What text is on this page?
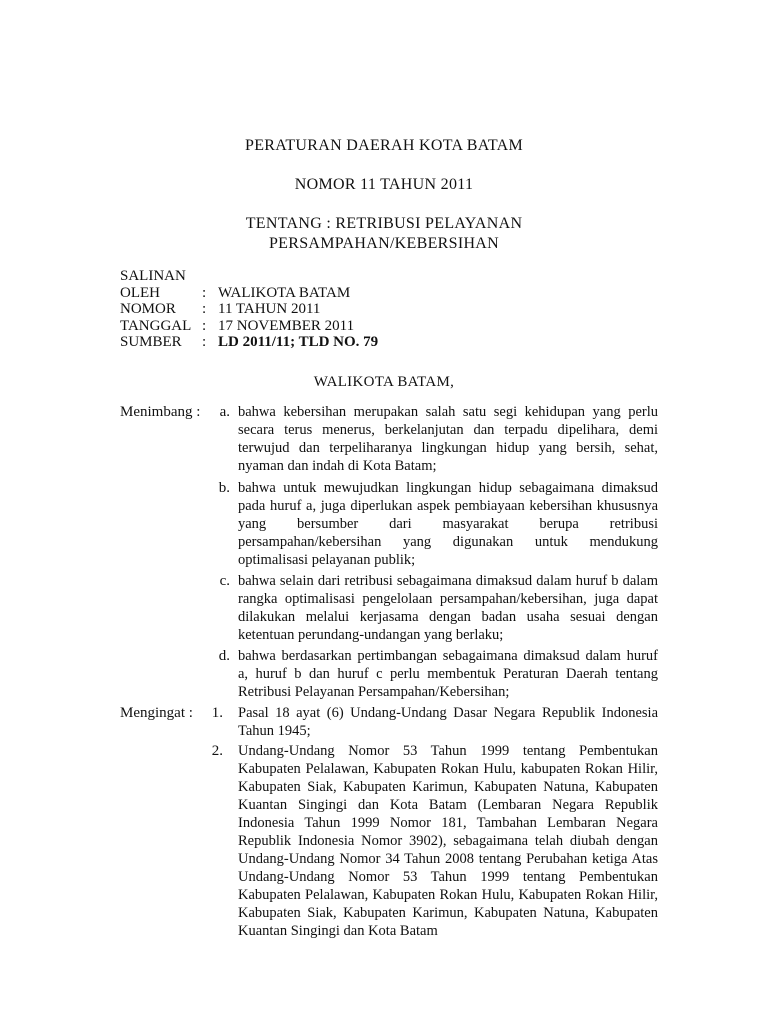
PERATURAN DAERAH KOTA BATAM
NOMOR 11 TAHUN 2011
TENTANG : RETRIBUSI PELAYANAN
PERSAMPAHAN/KEBERSIHAN
SALINAN
OLEH	: WALIKOTA BATAM
NOMOR	: 11 TAHUN 2011
TANGGAL : 17 NOVEMBER 2011
SUMBER	: LD 2011/11; TLD NO. 79
WALIKOTA BATAM,
Menimbang :	a. bahwa kebersihan merupakan salah satu segi kehidupan yang perlu secara terus menerus, berkelanjutan dan terpadu dipelihara, demi terwujud dan terpeliharanya lingkungan hidup yang bersih, sehat, nyaman dan indah di Kota Batam;
b. bahwa untuk mewujudkan lingkungan hidup sebagaimana dimaksud pada huruf a, juga diperlukan aspek pembiayaan kebersihan khususnya yang bersumber dari masyarakat berupa retribusi persampahan/kebersihan yang digunakan untuk mendukung optimalisasi pelayanan publik;
c. bahwa selain dari retribusi sebagaimana dimaksud dalam huruf b dalam rangka optimalisasi pengelolaan persampahan/kebersihan, juga dapat dilakukan melalui kerjasama dengan badan usaha sesuai dengan ketentuan perundang-undangan yang berlaku;
d. bahwa berdasarkan pertimbangan sebagaimana dimaksud dalam huruf a, huruf b dan huruf c perlu membentuk Peraturan Daerah tentang Retribusi Pelayanan Persampahan/Kebersihan;
Mengingat :	1. Pasal 18 ayat (6) Undang-Undang Dasar Negara Republik Indonesia Tahun 1945;
2. Undang-Undang Nomor 53 Tahun 1999 tentang Pembentukan Kabupaten Pelalawan, Kabupaten Rokan Hulu, kabupaten Rokan Hilir, Kabupaten Siak, Kabupaten Karimun, Kabupaten Natuna, Kabupaten Kuantan Singingi dan Kota Batam (Lembaran Negara Republik Indonesia Tahun 1999 Nomor 181, Tambahan Lembaran Negara Republik Indonesia Nomor 3902), sebagaimana telah diubah dengan Undang-Undang Nomor 34 Tahun 2008 tentang Perubahan ketiga Atas Undang-Undang Nomor 53 Tahun 1999 tentang Pembentukan Kabupaten Pelalawan, Kabupaten Rokan Hulu, Kabupaten Rokan Hilir, Kabupaten Siak, Kabupaten Karimun, Kabupaten Natuna, Kabupaten Kuantan Singingi dan Kota Batam
